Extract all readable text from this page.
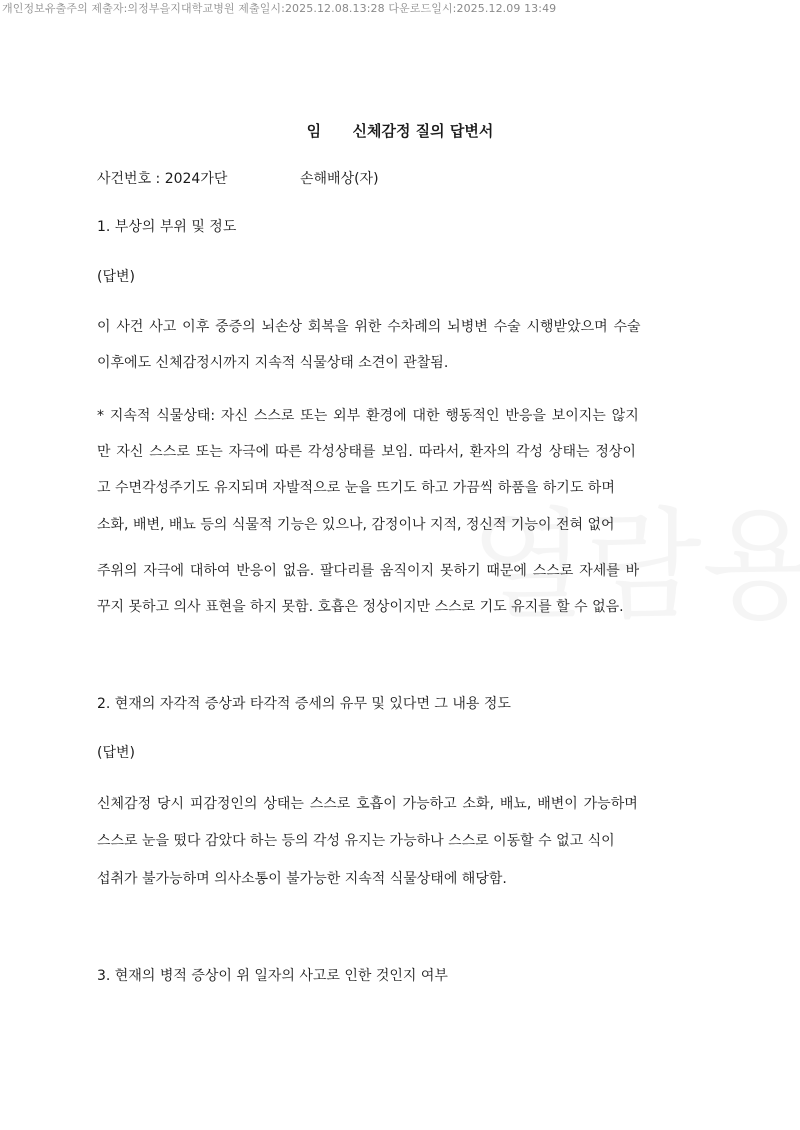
개인정보유출주의 제출자:의정부을지대학교병원 제출일시:2025.12.08.13:28 다운로드일시:2025.12.09 13:49
임      신체감정 질의 답변서
사건번호 : 2024가단	손해배상(자)
1. 부상의 부위 및 정도
(답변)
이 사건 사고 이후 중증의 뇌손상 회복을 위한 수차례의 뇌병변 수술 시행받았으며 수술
이후에도 신체감정시까지 지속적 식물상태 소견이 관찰됨.
* 지속적 식물상태: 자신 스스로 또는 외부 환경에 대한 행동적인 반응을 보이지는 않지
만 자신 스스로 또는 자극에 따른 각성상태를 보임. 따라서, 환자의 각성 상태는 정상이
고 수면각성주기도 유지되며 자발적으로 눈을 뜨기도 하고 가끔씩 하품을 하기도 하며
소화, 배변, 배뇨 등의 식물적 기능은 있으나, 감정이나 지적, 정신적 기능이 전혀 없어
주위의 자극에 대하여 반응이 없음. 팔다리를 움직이지 못하기 때문에 스스로 자세를 바
꾸지 못하고 의사 표현을 하지 못함. 호흡은 정상이지만 스스로 기도 유지를 할 수 없음.
2. 현재의 자각적 증상과 타각적 증세의 유무 및 있다면 그 내용 정도
(답변)
신체감정 당시 피감정인의 상태는 스스로 호흡이 가능하고 소화, 배뇨, 배변이 가능하며
스스로 눈을 떴다 감았다 하는 등의 각성 유지는 가능하나 스스로 이동할 수 없고 식이
섭취가 불가능하며 의사소통이 불가능한 지속적 식물상태에 해당함.
3. 현재의 병적 증상이 위 일자의 사고로 인한 것인지 여부
